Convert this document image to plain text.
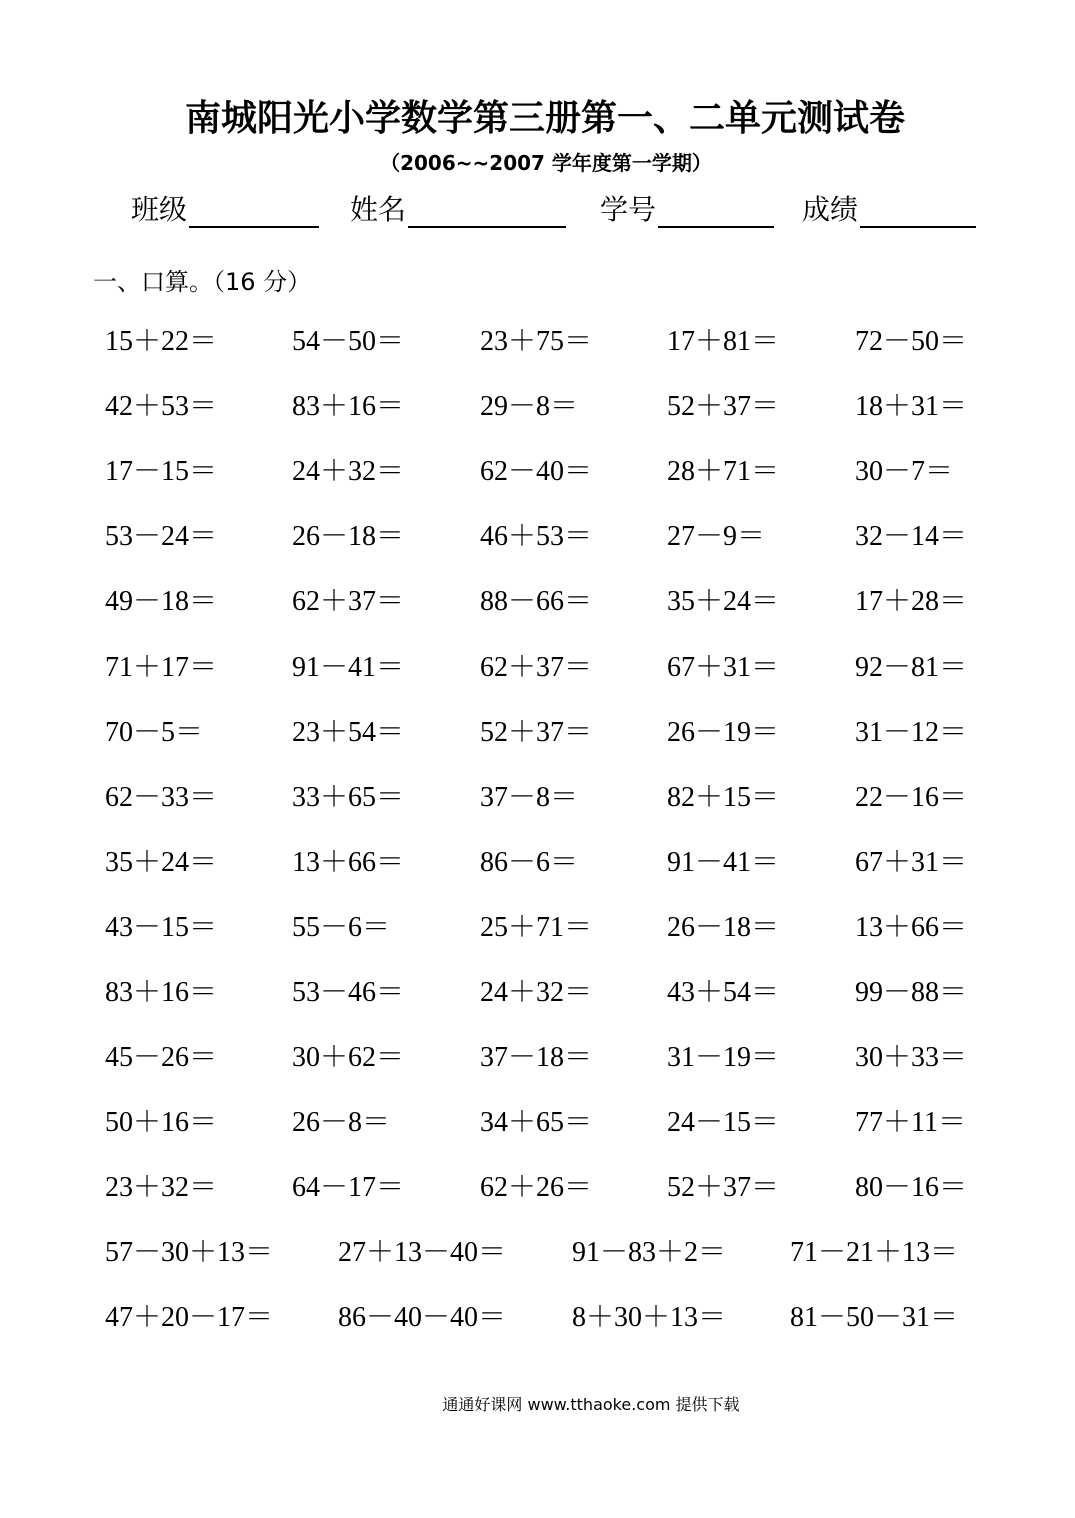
南城阳光小学数学第三册第一、二单元测试卷
（2006~~2007 学年度第一学期）
班级	姓名	学号	成绩
一、口算。（16 分）
15＋22＝	54－50＝	23＋75＝	17＋81＝	72－50＝
42＋53＝	83＋16＝	29－8＝	52＋37＝	18＋31＝
17－15＝	24＋32＝	62－40＝	28＋71＝	30－7＝
53－24＝	26－18＝	46＋53＝	27－9＝	32－14＝
49－18＝	62＋37＝	88－66＝	35＋24＝	17＋28＝
71＋17＝	91－41＝	62＋37＝	67＋31＝	92－81＝
70－5＝	23＋54＝	52＋37＝	26－19＝	31－12＝
62－33＝	33＋65＝	37－8＝	82＋15＝	22－16＝
35＋24＝	13＋66＝	86－6＝	91－41＝	67＋31＝
43－15＝	55－6＝	25＋71＝	26－18＝	13＋66＝
83＋16＝	53－46＝	24＋32＝	43＋54＝	99－88＝
45－26＝	30＋62＝	37－18＝	31－19＝	30＋33＝
50＋16＝	26－8＝	34＋65＝	24－15＝	77＋11＝
23＋32＝	64－17＝	62＋26＝	52＋37＝	80－16＝
57－30＋13＝ 27＋13－40＝ 91－83＋2＝ 71－21＋13＝
47＋20－17＝ 86－40－40＝ 8＋30＋13＝ 81－50－31＝
通通好课网 www.tthaoke.com 提供下载
